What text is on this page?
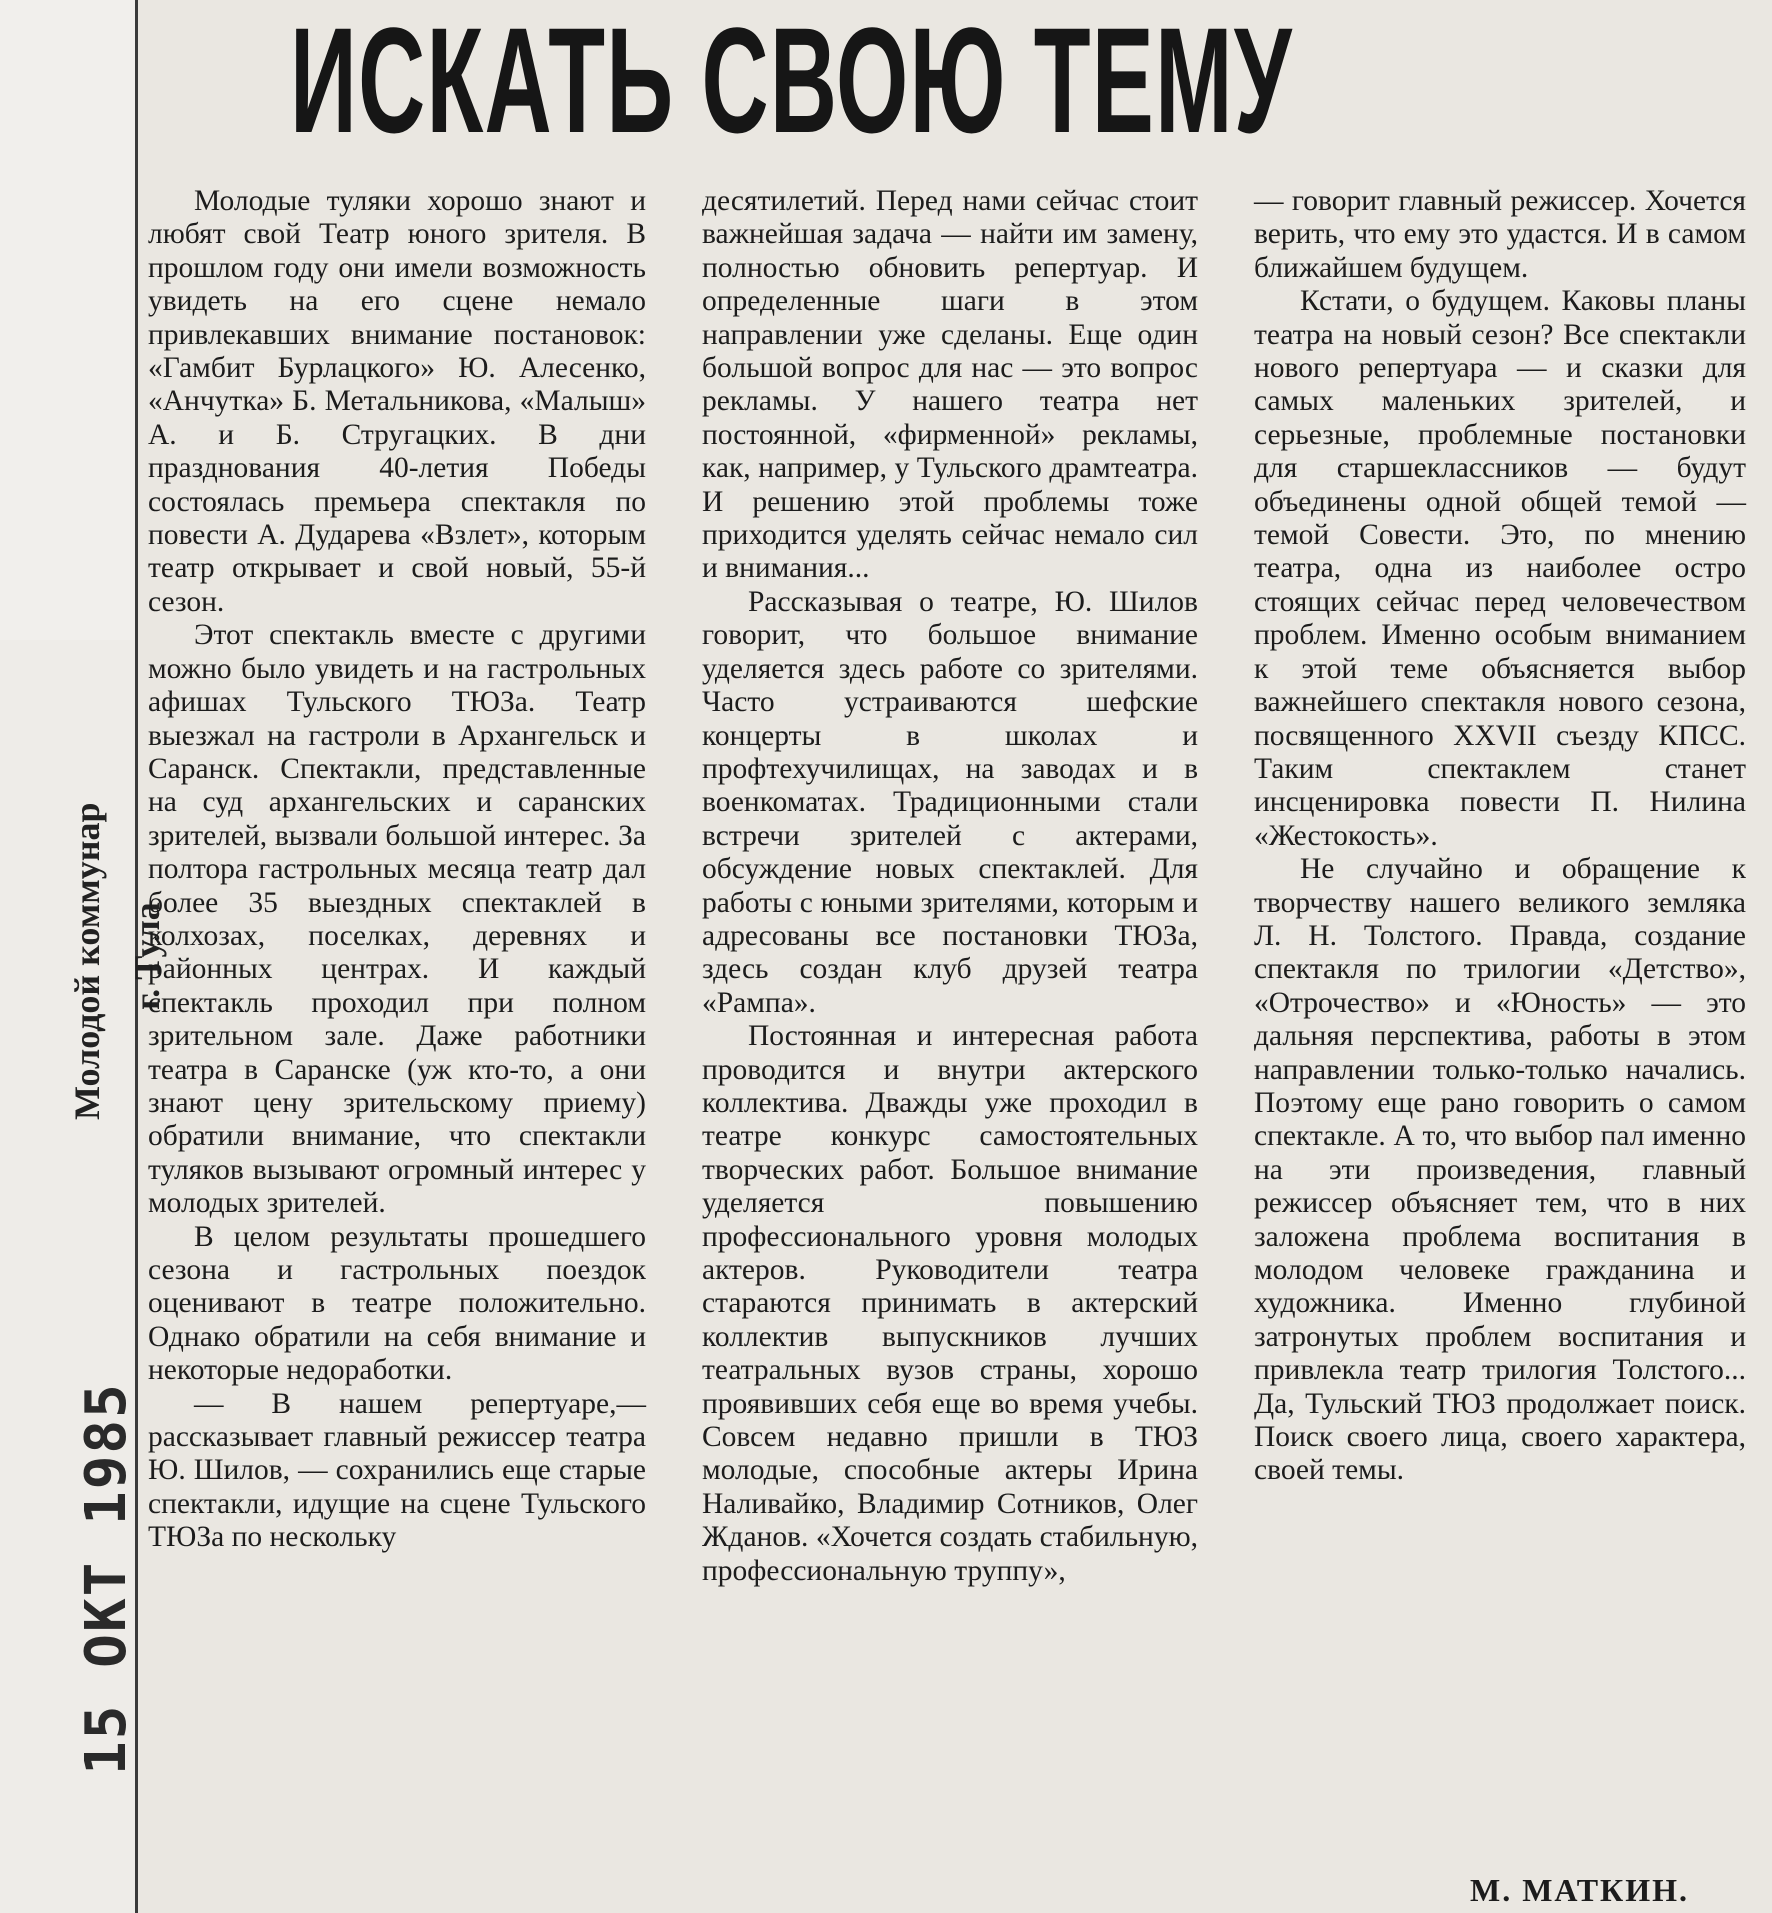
Молодой коммунар г. Тула
15 ОКТ 1985
ИСКАТЬ СВОЮ ТЕМУ

Молодые туляки хорошо знают и любят свой Театр юного зрителя. В прошлом году они имели возможность увидеть на его сцене немало привлекавших внимание постановок: «Гамбит Бурлацкого» Ю. Алесенко, «Анчутка» Б. Метальникова, «Малыш» А. и Б. Стругацких. В дни празднования 40-летия Победы состоялась премьера спектакля по повести А. Дударева «Взлет», которым театр открывает и свой новый, 55-й сезон.

Этот спектакль вместе с другими можно было увидеть и на гастрольных афишах Тульского ТЮЗа. Театр выезжал на гастроли в Архангельск и Саранск. Спектакли, представленные на суд архангельских и саранских зрителей, вызвали большой интерес. За полтора гастрольных месяца театр дал более 35 выездных спектаклей в колхозах, поселках, деревнях и районных центрах. И каждый спектакль проходил при полном зрительном зале. Даже работники театра в Саранске (уж кто-то, а они знают цену зрительскому приему) обратили внимание, что спектакли туляков вызывают огромный интерес у молодых зрителей.

В целом результаты прошедшего сезона и гастрольных поездок оценивают в театре положительно. Однако обратили на себя внимание и некоторые недоработки.

— В нашем репертуаре,— рассказывает главный режиссер театра Ю. Шилов, — сохранились еще старые спектакли, идущие на сцене Тульского ТЮЗа по нескольку

десятилетий. Перед нами сейчас стоит важнейшая задача — найти им замену, полностью обновить репертуар. И определенные шаги в этом направлении уже сделаны. Еще один большой вопрос для нас — это вопрос рекламы. У нашего театра нет постоянной, «фирменной» рекламы, как, например, у Тульского драмтеатра. И решению этой проблемы тоже приходится уделять сейчас немало сил и внимания...

Рассказывая о театре, Ю. Шилов говорит, что большое внимание уделяется здесь работе со зрителями. Часто устраиваются шефские концерты в школах и профтехучилищах, на заводах и в военкоматах. Традиционными стали встречи зрителей с актерами, обсуждение новых спектаклей. Для работы с юными зрителями, которым и адресованы все постановки ТЮЗа, здесь создан клуб друзей театра «Рампа».

Постоянная и интересная работа проводится и внутри актерского коллектива. Дважды уже проходил в театре конкурс самостоятельных творческих работ. Большое внимание уделяется повышению профессионального уровня молодых актеров. Руководители театра стараются принимать в актерский коллектив выпускников лучших театральных вузов страны, хорошо проявивших себя еще во время учебы. Совсем недавно пришли в ТЮЗ молодые, способные актеры Ирина Наливайко, Владимир Сотников, Олег Жданов. «Хочется создать стабильную, профессиональную труппу»,

— говорит главный режиссер. Хочется верить, что ему это удастся. И в самом ближайшем будущем.

Кстати, о будущем. Каковы планы театра на новый сезон? Все спектакли нового репертуара — и сказки для самых маленьких зрителей, и серьезные, проблемные постановки для старшеклассников — будут объединены одной общей темой — темой Совести. Это, по мнению театра, одна из наиболее остро стоящих сейчас перед человечеством проблем. Именно особым вниманием к этой теме объясняется выбор важнейшего спектакля нового сезона, посвященного XXVII съезду КПСС. Таким спектаклем станет инсценировка повести П. Нилина «Жестокость».

Не случайно и обращение к творчеству нашего великого земляка Л. Н. Толстого. Правда, создание спектакля по трилогии «Детство», «Отрочество» и «Юность» — это дальняя перспектива, работы в этом направлении только-только начались. Поэтому еще рано говорить о самом спектакле. А то, что выбор пал именно на эти произведения, главный режиссер объясняет тем, что в них заложена проблема воспитания в молодом человеке гражданина и художника. Именно глубиной затронутых проблем воспитания и привлекла театр трилогия Толстого... Да, Тульский ТЮЗ продолжает поиск. Поиск своего лица, своего характера, своей темы.

М. МАТКИН.
